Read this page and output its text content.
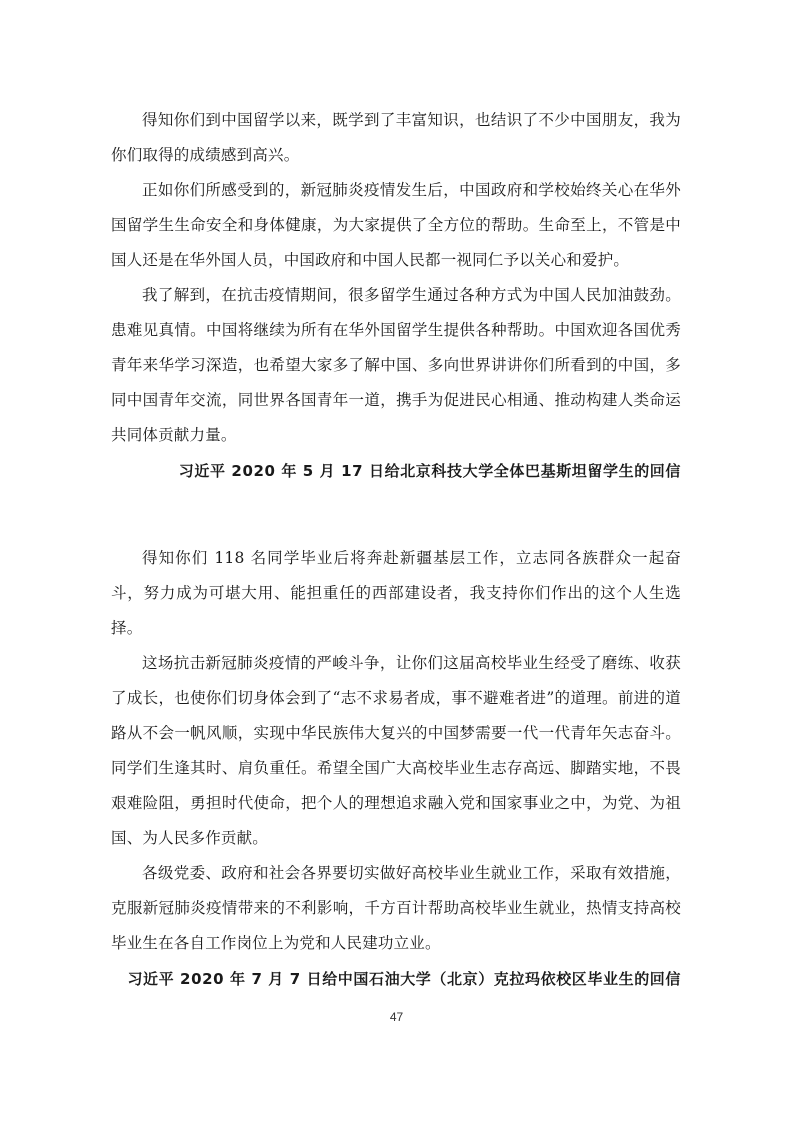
得知你们到中国留学以来，既学到了丰富知识，也结识了不少中国朋友，我为你们取得的成绩感到高兴。

正如你们所感受到的，新冠肺炎疫情发生后，中国政府和学校始终关心在华外国留学生生命安全和身体健康，为大家提供了全方位的帮助。生命至上，不管是中国人还是在华外国人员，中国政府和中国人民都一视同仁予以关心和爱护。

我了解到，在抗击疫情期间，很多留学生通过各种方式为中国人民加油鼓劲。患难见真情。中国将继续为所有在华外国留学生提供各种帮助。中国欢迎各国优秀青年来华学习深造，也希望大家多了解中国、多向世界讲讲你们所看到的中国，多同中国青年交流，同世界各国青年一道，携手为促进民心相通、推动构建人类命运共同体贡献力量。

习近平 2020 年 5 月 17 日给北京科技大学全体巴基斯坦留学生的回信

得知你们 118 名同学毕业后将奔赴新疆基层工作，立志同各族群众一起奋斗，努力成为可堪大用、能担重任的西部建设者，我支持你们作出的这个人生选择。

这场抗击新冠肺炎疫情的严峻斗争，让你们这届高校毕业生经受了磨练、收获了成长，也使你们切身体会到了“志不求易者成，事不避难者进”的道理。前进的道路从不会一帆风顺，实现中华民族伟大复兴的中国梦需要一代一代青年矢志奋斗。同学们生逢其时、肩负重任。希望全国广大高校毕业生志存高远、脚踏实地，不畏艰难险阻，勇担时代使命，把个人的理想追求融入党和国家事业之中，为党、为祖国、为人民多作贡献。

各级党委、政府和社会各界要切实做好高校毕业生就业工作，采取有效措施，克服新冠肺炎疫情带来的不利影响，千方百计帮助高校毕业生就业，热情支持高校毕业生在各自工作岗位上为党和人民建功立业。

习近平 2020 年 7 月 7 日给中国石油大学（北京）克拉玛依校区毕业生的回信

47
